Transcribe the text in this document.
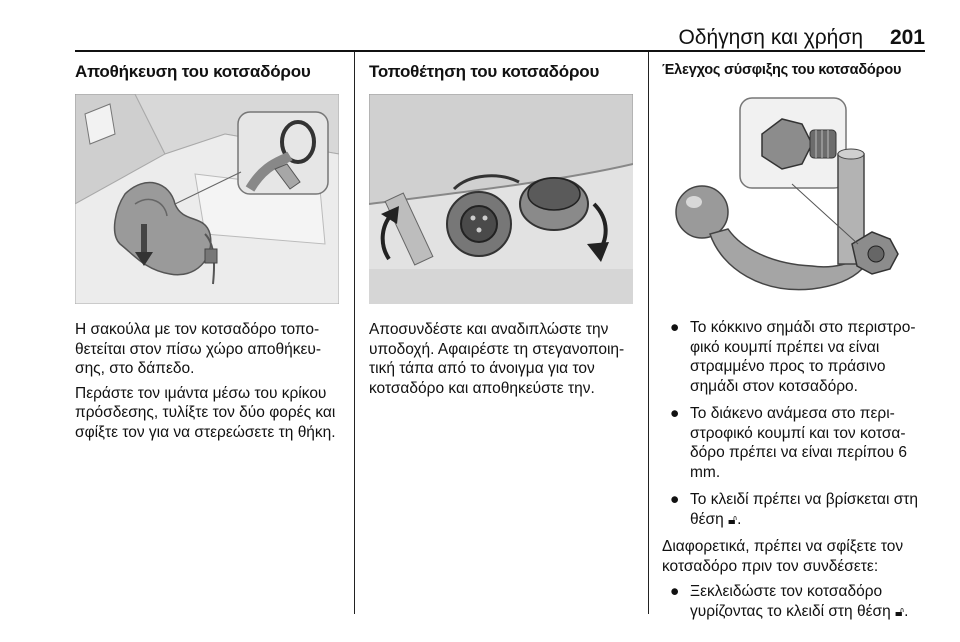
Οδήγηση και χρήση 201
Αποθήκευση του κοτσαδόρου

Η σακούλα με τον κοτσαδόρο τοποθετείται στον πίσω χώρο αποθήκευσης, στο δάπεδο.

Περάστε τον ιμάντα μέσω του κρίκου πρόσδεσης, τυλίξτε τον δύο φορές και σφίξτε τον για να στερεώσετε τη θήκη.

Τοποθέτηση του κοτσαδόρου

Αποσυνδέστε και αναδιπλώστε την υποδοχή. Αφαιρέστε τη στεγανοποιητική τάπα από το άνοιγμα για τον κοτσαδόρο και αποθηκεύστε την.

Έλεγχος σύσφιξης του κοτσαδόρου
● Το κόκκινο σημάδι στο περιστροφικό κουμπί πρέπει να είναι στραμμένο προς το πράσινο σημάδι στον κοτσαδόρο.
● Το διάκενο ανάμεσα στο περιστροφικό κουμπί και τον κοτσαδόρο πρέπει να είναι περίπου 6 mm.
● Το κλειδί πρέπει να βρίσκεται στη θέση 🔓︎.

Διαφορετικά, πρέπει να σφίξετε τον κοτσαδόρο πριν τον συνδέσετε:

● Ξεκλειδώστε τον κοτσαδόρο γυρίζοντας το κλειδί στη θέση 🔓︎.
